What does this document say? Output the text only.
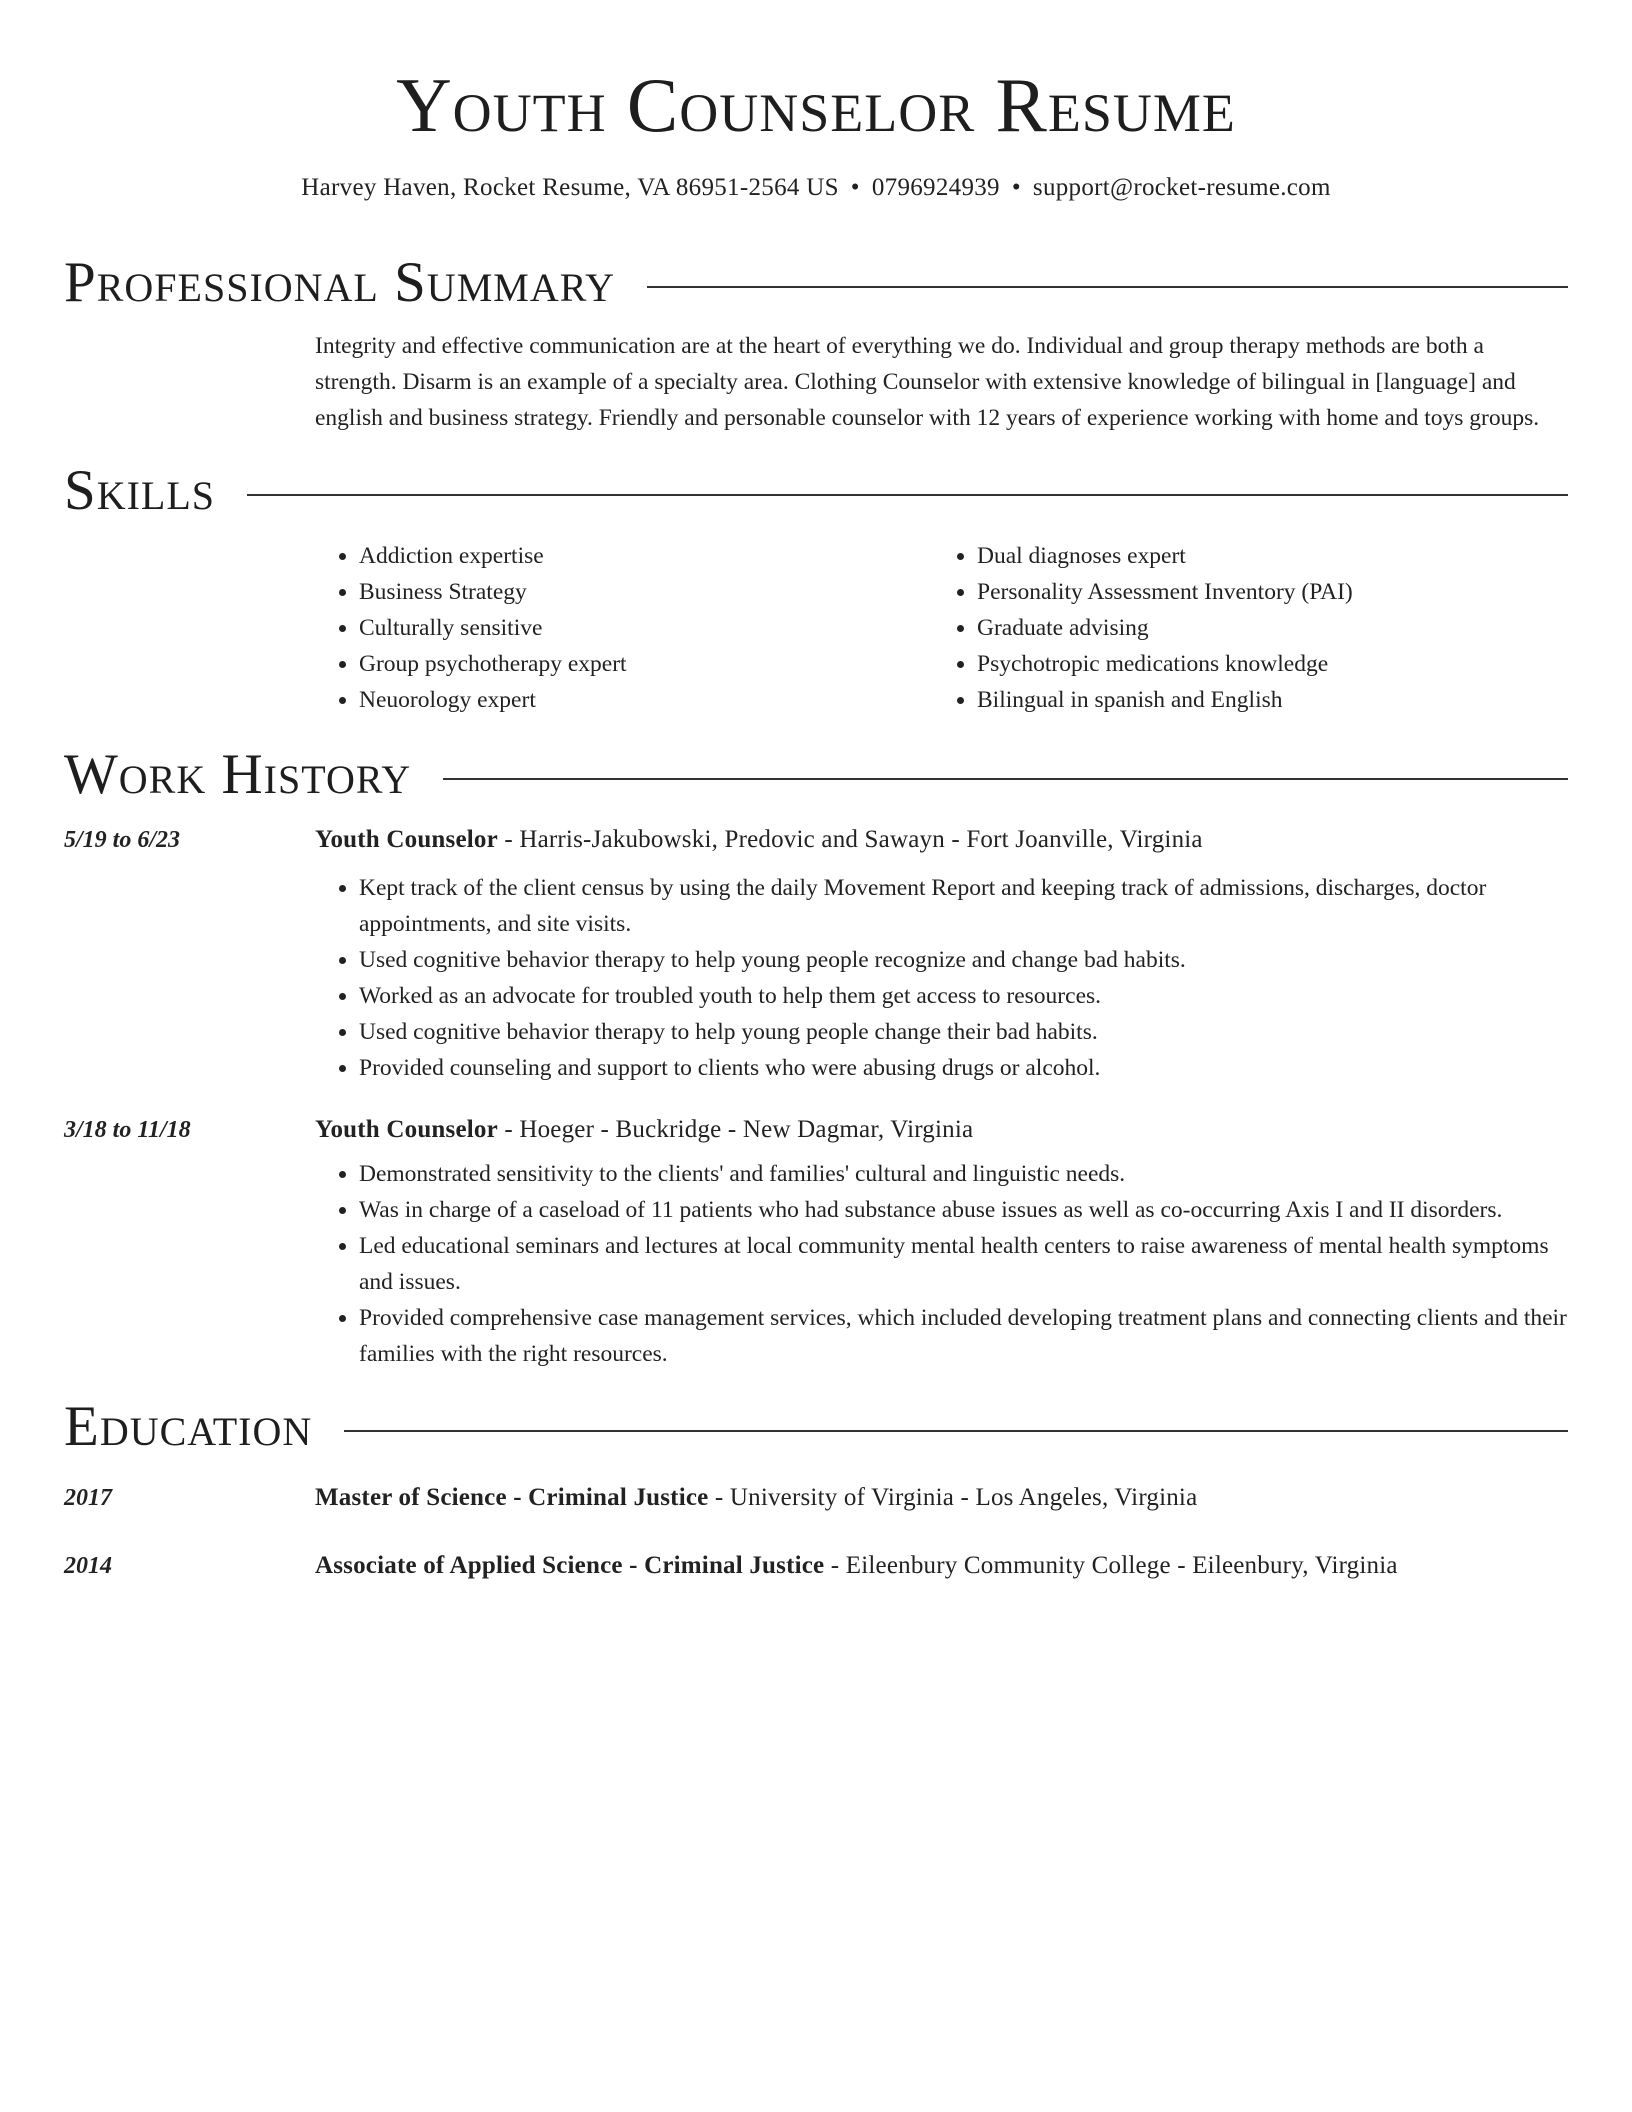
Youth Counselor Resume
Harvey Haven, Rocket Resume, VA 86951-2564 US • 0796924939 • support@rocket-resume.com
Professional Summary
Integrity and effective communication are at the heart of everything we do. Individual and group therapy methods are both a strength. Disarm is an example of a specialty area. Clothing Counselor with extensive knowledge of bilingual in [language] and english and business strategy. Friendly and personable counselor with 12 years of experience working with home and toys groups.
Skills
• Addiction expertise
• Business Strategy
• Culturally sensitive
• Group psychotherapy expert
• Neuorology expert
• Dual diagnoses expert
• Personality Assessment Inventory (PAI)
• Graduate advising
• Psychotropic medications knowledge
• Bilingual in spanish and English
Work History
5/19 to 6/23	Youth Counselor - Harris-Jakubowski, Predovic and Sawayn - Fort Joanville, Virginia
• Kept track of the client census by using the daily Movement Report and keeping track of admissions, discharges, doctor appointments, and site visits.
• Used cognitive behavior therapy to help young people recognize and change bad habits.
• Worked as an advocate for troubled youth to help them get access to resources.
• Used cognitive behavior therapy to help young people change their bad habits.
• Provided counseling and support to clients who were abusing drugs or alcohol.
3/18 to 11/18	Youth Counselor - Hoeger - Buckridge - New Dagmar, Virginia
• Demonstrated sensitivity to the clients' and families' cultural and linguistic needs.
• Was in charge of a caseload of 11 patients who had substance abuse issues as well as co-occurring Axis I and II disorders.
• Led educational seminars and lectures at local community mental health centers to raise awareness of mental health symptoms and issues.
• Provided comprehensive case management services, which included developing treatment plans and connecting clients and their families with the right resources.
Education
2017	Master of Science - Criminal Justice - University of Virginia - Los Angeles, Virginia
2014	Associate of Applied Science - Criminal Justice - Eileenbury Community College - Eileenbury, Virginia
